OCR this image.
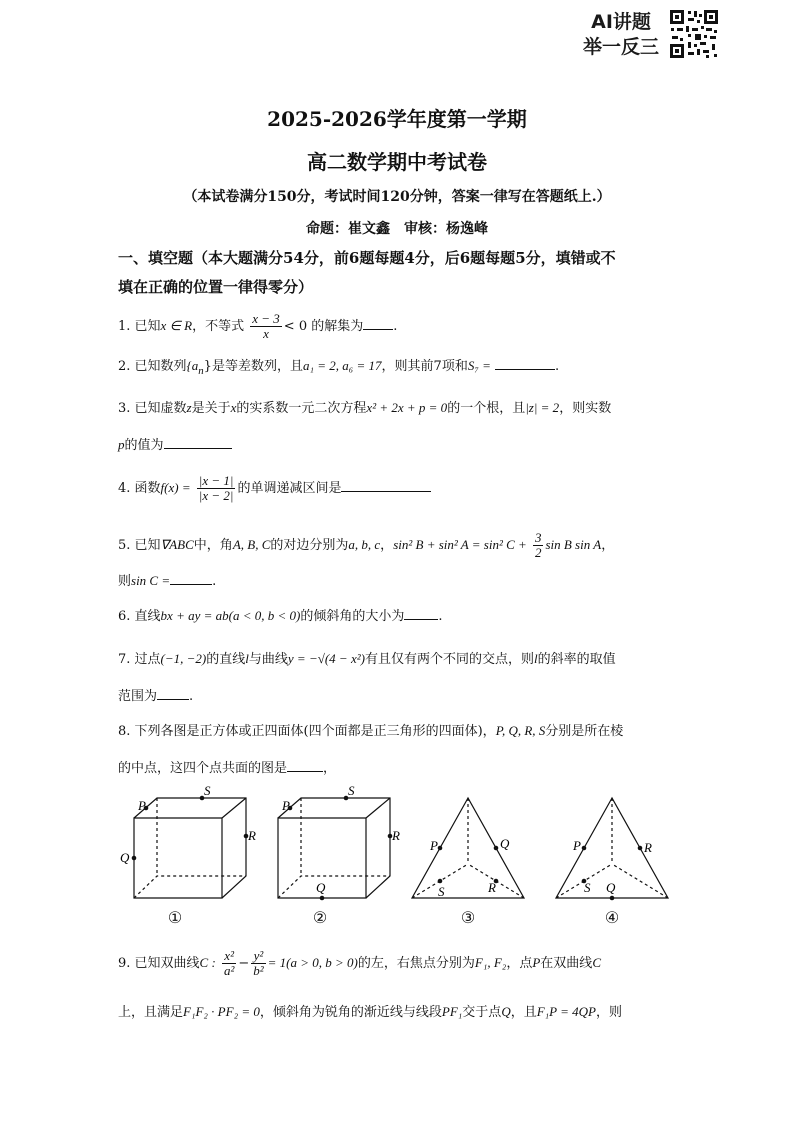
AI讲题
举一反三
2025-2026学年度第一学期
高二数学期中考试卷
（本试卷满分150分，考试时间120分钟，答案一律写在答题纸上.）
命题：崔文鑫　审核：杨逸峰
一、填空题（本大题满分54分，前6题每题4分，后6题每题5分，填错或不
填在正确的位置一律得零分）
1. 已知x ∈ R，不等式 $\frac{x - 3}{x} < 0$ 的解集为 .
2. 已知数列$\{a_n\}$是等差数列，且a₁ = 2, a₆ = 17，则其前7项和S₇ =	.
3. 已知虚数z是关于x的实系数一元二次方程x² + 2x + p = 0的一个根，且|z| = 2，则实数
p的值为
4. 函数$f(x) = \frac{|x - 1|}{|x - 2|}$ 的单调递减区间是
5. 已知∇ABC中，角A, B, C的对边分别为a, b, c，sin² B + sin² A = sin² $C + \frac{3}{2}$ sin B sin A，
则sin C =	.
6. 直线bx + ay = ab(a < 0, b < 0)的倾斜角的大小为	.
7. 过点(−1, −2)的直线l与曲线y = −√(4 − x²)有且仅有两个不同的交点，则l的斜率的取值
范围为 .
8. 下列各图是正方体或正四面体(四个面都是正三角形的四面体)，P, Q, R, S分别是所在棱
的中点，这四个点共面的图是	，
P
S
R
Q
P
S
R
Q
P	Q
S	R
P	R
S Q
①	②	③	④
9. 已知双曲线C : $\frac{\text{x²}}{\text{a²}} - \frac{\text{y²}}{\text{b²}} = 1(a > 0$, b > 0)的左，右焦点分别为F₁, F₂，点P在双曲线C
上，且满足F₁F₂ · PF₂ = 0，倾斜角为锐角的渐近线与线段PF₁交于点Q，且F₁P = 4QP，则
